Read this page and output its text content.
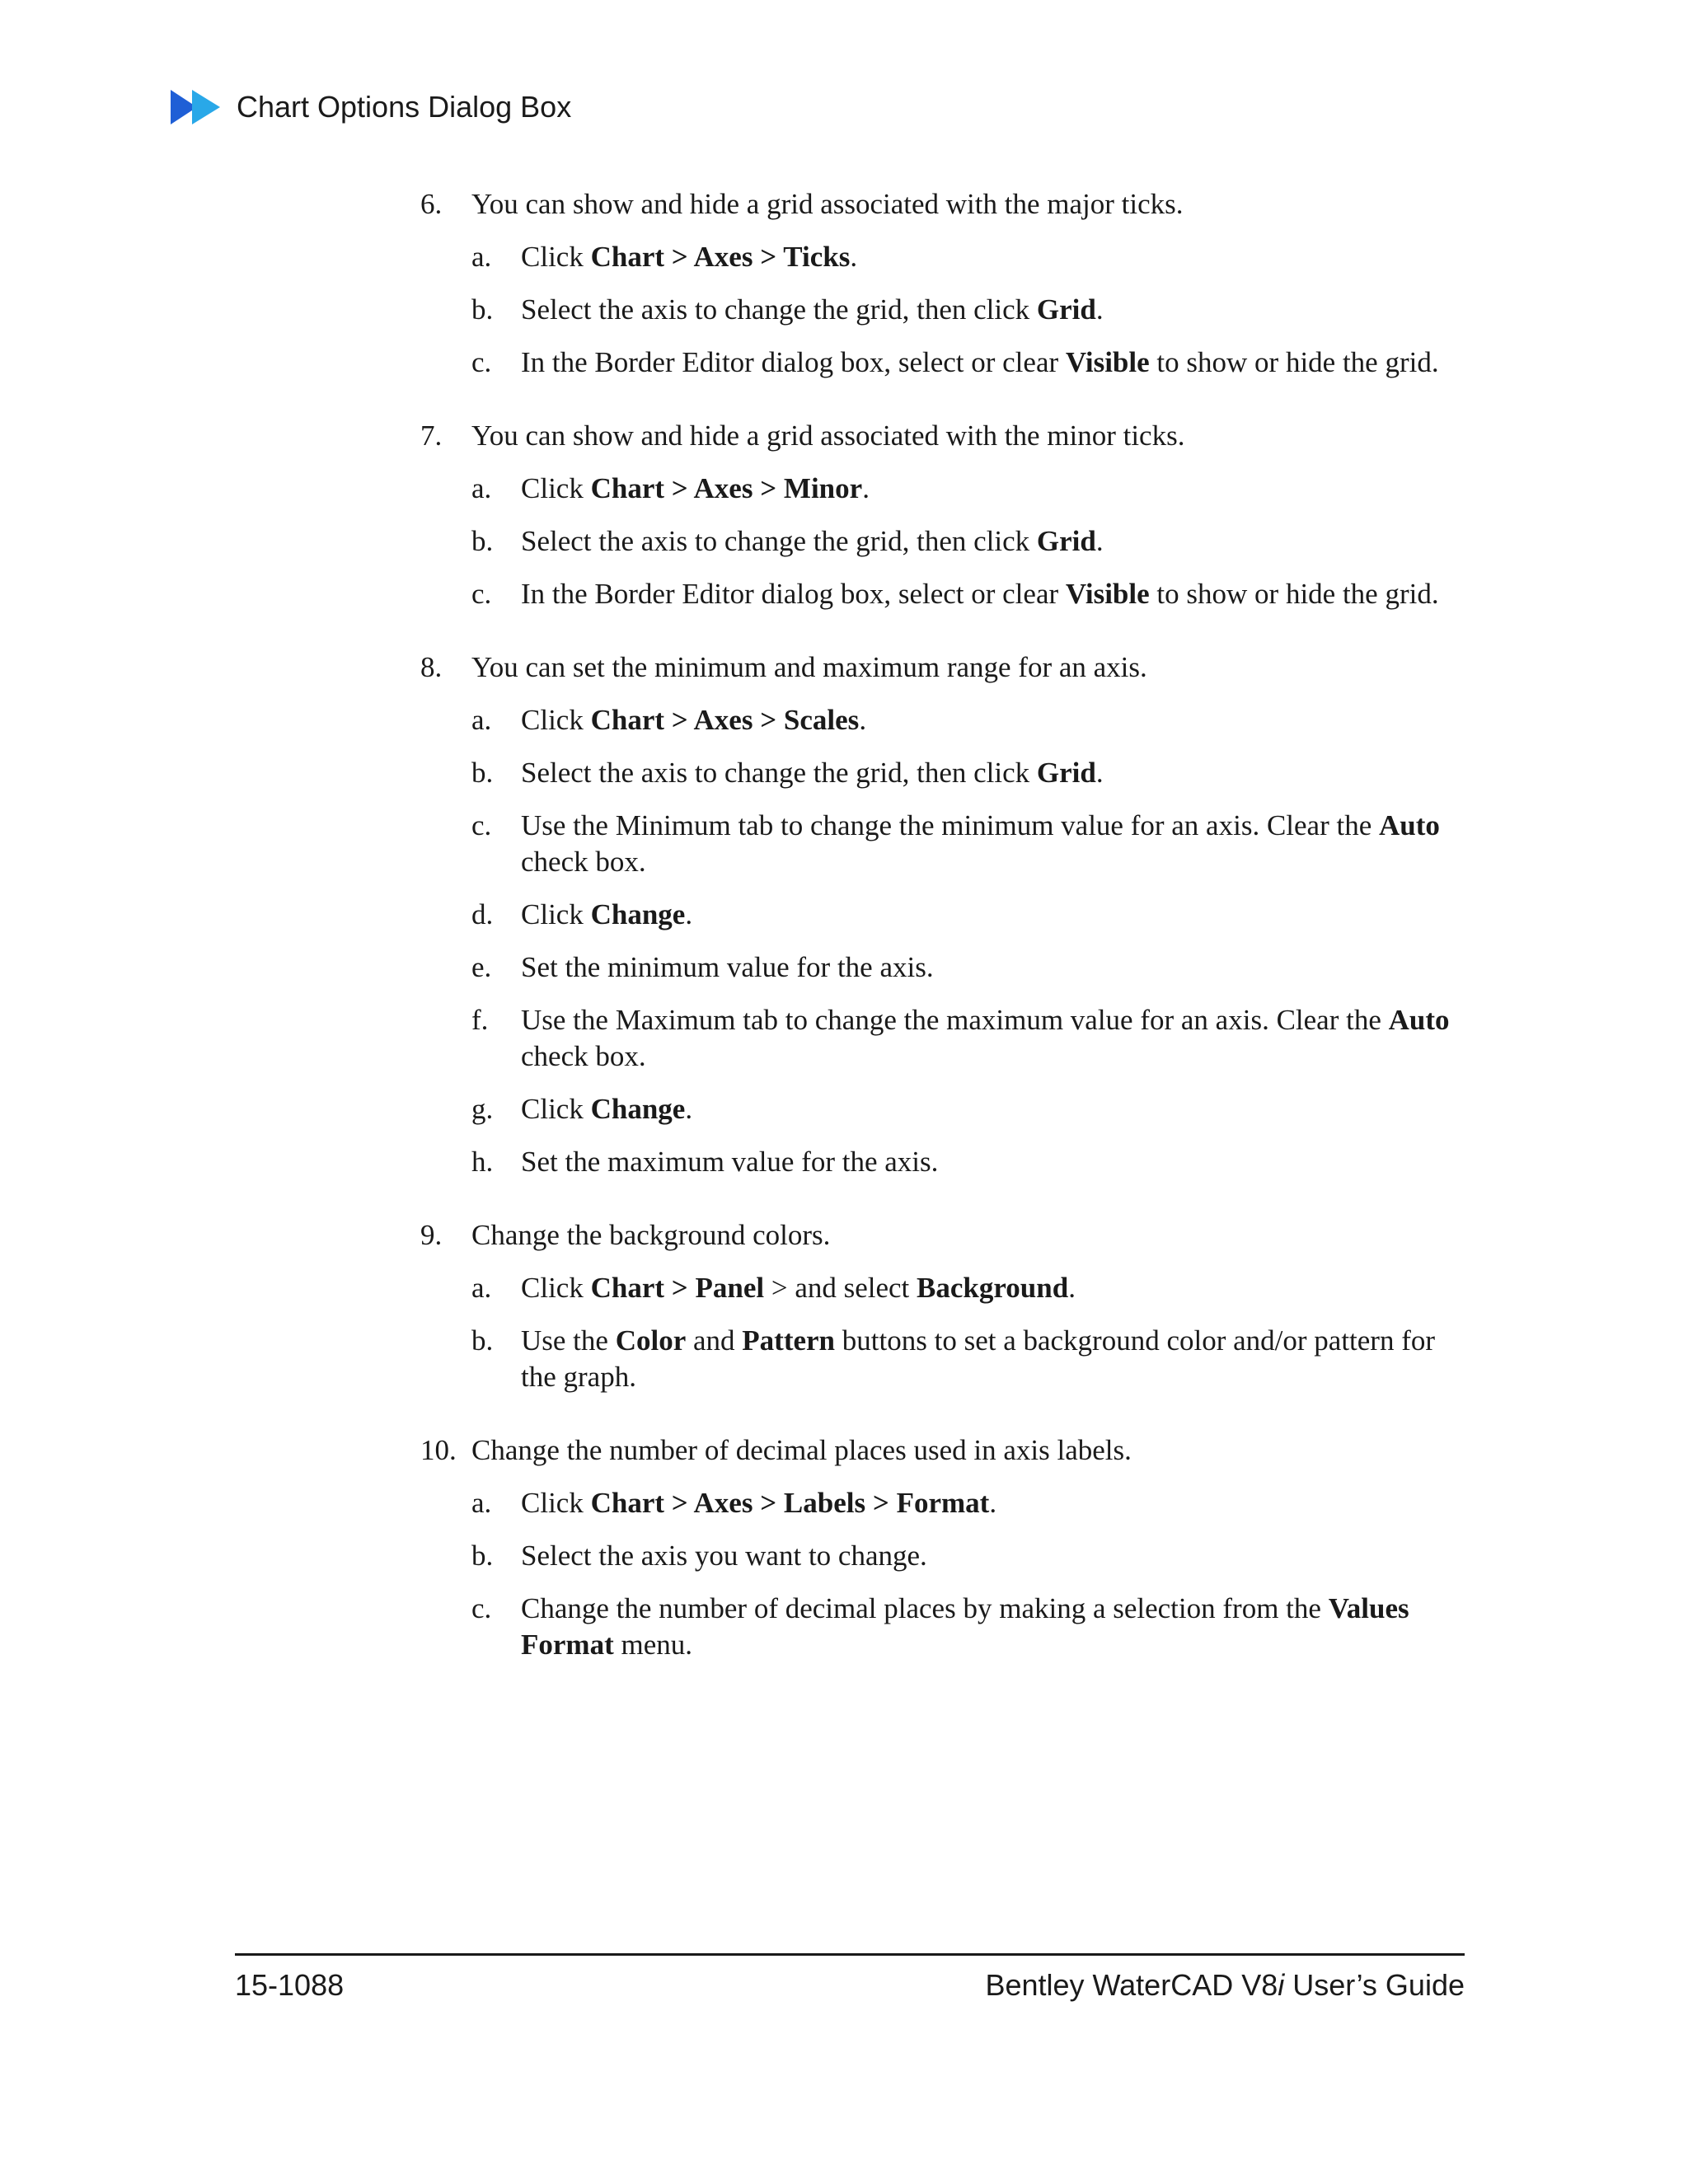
Chart Options Dialog Box
6.	You can show and hide a grid associated with the major ticks.
a.	Click Chart > Axes > Ticks.
b. Select the axis to change the grid, then click Grid.
c.	In the Border Editor dialog box, select or clear Visible to show or hide the grid.
7.	You can show and hide a grid associated with the minor ticks.
a.	Click Chart > Axes > Minor.
b. Select the axis to change the grid, then click Grid.
c.	In the Border Editor dialog box, select or clear Visible to show or hide the grid.
8.	You can set the minimum and maximum range for an axis.
a.	Click Chart > Axes > Scales.
b. Select the axis to change the grid, then click Grid.
c.	Use the Minimum tab to change the minimum value for an axis. Clear the Auto check box.
d. Click Change.
e.	Set the minimum value for the axis.
f.	Use the Maximum tab to change the maximum value for an axis. Clear the Auto check box.
g. Click Change.
h. Set the maximum value for the axis.
9.	Change the background colors.
a.	Click Chart > Panel > and select Background.
b. Use the Color and Pattern buttons to set a background color and/or pattern for the graph.
10. Change the number of decimal places used in axis labels.
a.	Click Chart > Axes > Labels > Format.
b. Select the axis you want to change.
c.	Change the number of decimal places by making a selection from the Values Format menu.
15-1088	Bentley WaterCAD V8i User’s Guide
